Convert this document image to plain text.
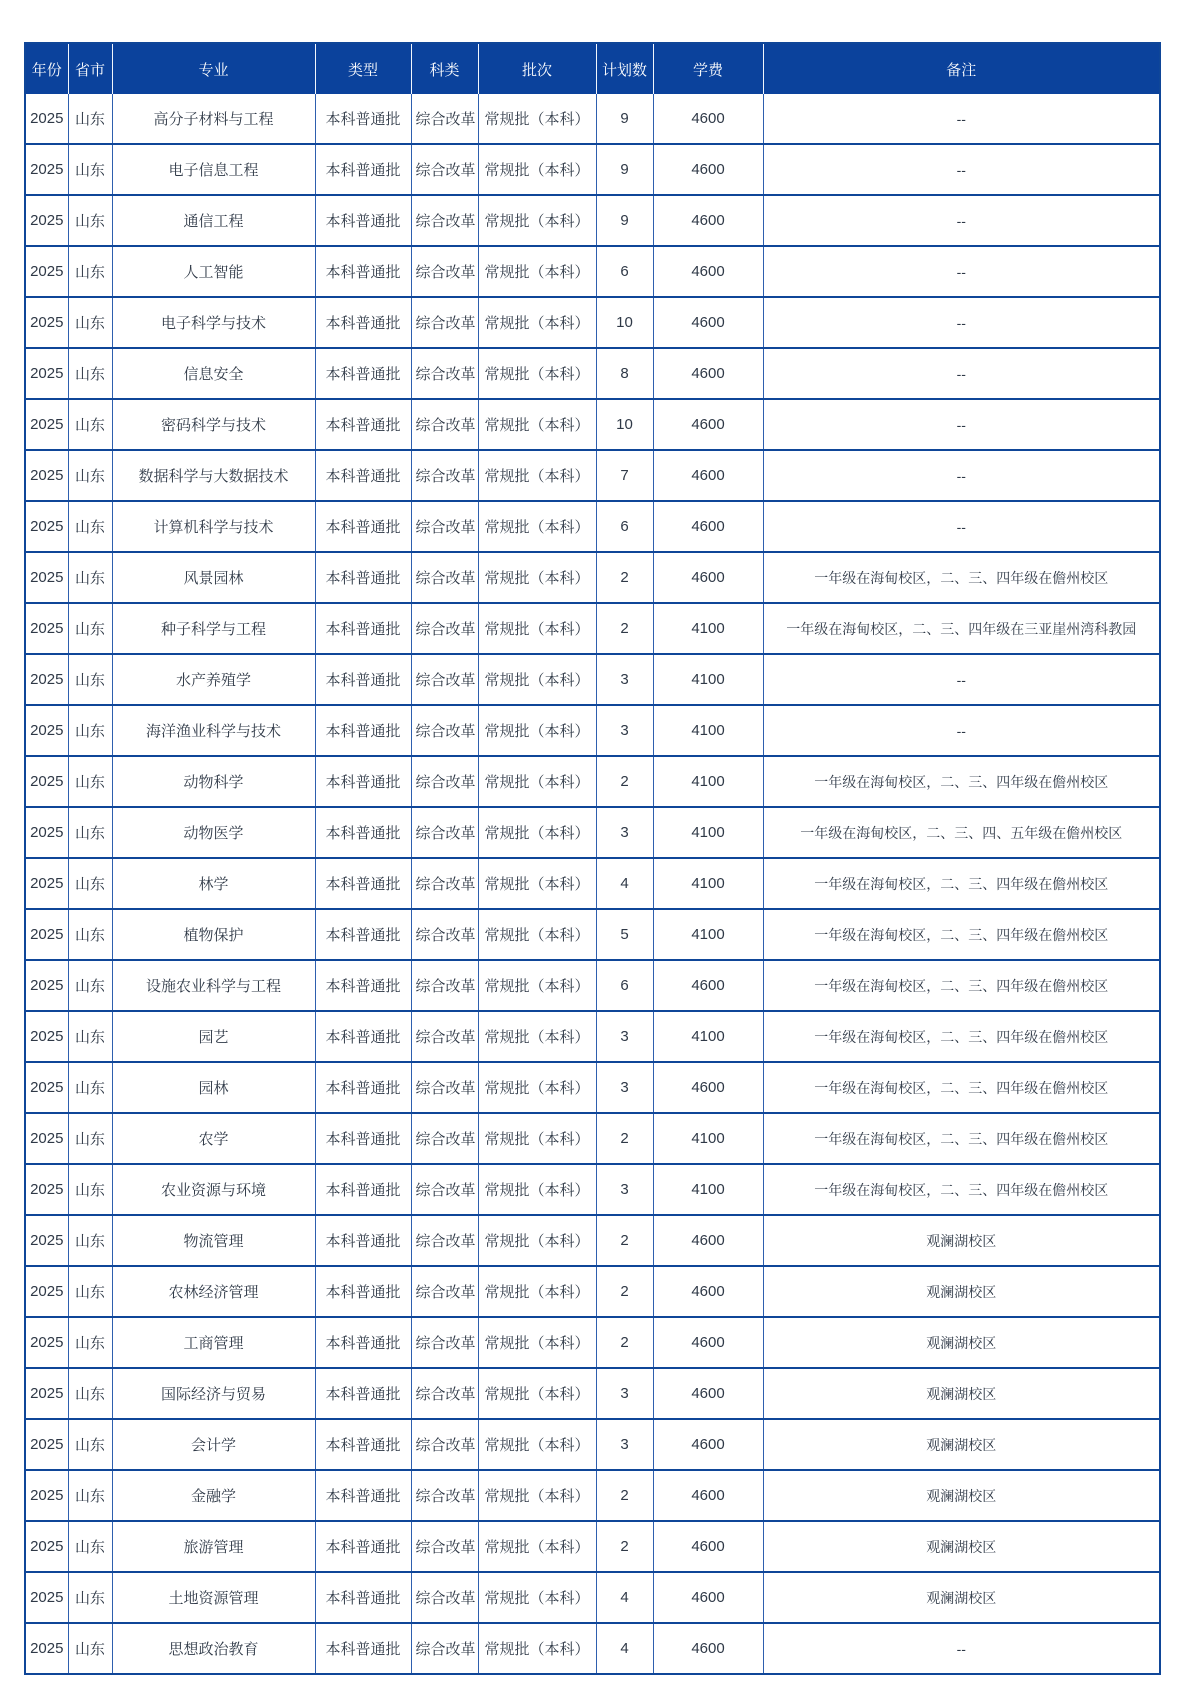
年份	省市	专业	类型	科类	批次	计划数	学费	备注
2025	山东	高分子材料与工程	本科普通批	综合改革	常规批（本科）	9	4600	--
2025	山东	电子信息工程	本科普通批	综合改革	常规批（本科）	9	4600	--
2025	山东	通信工程	本科普通批	综合改革	常规批（本科）	9	4600	--
2025	山东	人工智能	本科普通批	综合改革	常规批（本科）	6	4600	--
2025	山东	电子科学与技术	本科普通批	综合改革	常规批（本科）	10	4600	--
2025	山东	信息安全	本科普通批	综合改革	常规批（本科）	8	4600	--
2025	山东	密码科学与技术	本科普通批	综合改革	常规批（本科）	10	4600	--
2025	山东	数据科学与大数据技术	本科普通批	综合改革	常规批（本科）	7	4600	--
2025	山东	计算机科学与技术	本科普通批	综合改革	常规批（本科）	6	4600	--
2025	山东	风景园林	本科普通批	综合改革	常规批（本科）	2	4600	一年级在海甸校区，二、三、四年级在儋州校区
2025	山东	种子科学与工程	本科普通批	综合改革	常规批（本科）	2	4100	一年级在海甸校区，二、三、四年级在三亚崖州湾科教园
2025	山东	水产养殖学	本科普通批	综合改革	常规批（本科）	3	4100	--
2025	山东	海洋渔业科学与技术	本科普通批	综合改革	常规批（本科）	3	4100	--
2025	山东	动物科学	本科普通批	综合改革	常规批（本科）	2	4100	一年级在海甸校区，二、三、四年级在儋州校区
2025	山东	动物医学	本科普通批	综合改革	常规批（本科）	3	4100	一年级在海甸校区，二、三、四、五年级在儋州校区
2025	山东	林学	本科普通批	综合改革	常规批（本科）	4	4100	一年级在海甸校区，二、三、四年级在儋州校区
2025	山东	植物保护	本科普通批	综合改革	常规批（本科）	5	4100	一年级在海甸校区，二、三、四年级在儋州校区
2025	山东	设施农业科学与工程	本科普通批	综合改革	常规批（本科）	6	4600	一年级在海甸校区，二、三、四年级在儋州校区
2025	山东	园艺	本科普通批	综合改革	常规批（本科）	3	4100	一年级在海甸校区，二、三、四年级在儋州校区
2025	山东	园林	本科普通批	综合改革	常规批（本科）	3	4600	一年级在海甸校区，二、三、四年级在儋州校区
2025	山东	农学	本科普通批	综合改革	常规批（本科）	2	4100	一年级在海甸校区，二、三、四年级在儋州校区
2025	山东	农业资源与环境	本科普通批	综合改革	常规批（本科）	3	4100	一年级在海甸校区，二、三、四年级在儋州校区
2025	山东	物流管理	本科普通批	综合改革	常规批（本科）	2	4600	观澜湖校区
2025	山东	农林经济管理	本科普通批	综合改革	常规批（本科）	2	4600	观澜湖校区
2025	山东	工商管理	本科普通批	综合改革	常规批（本科）	2	4600	观澜湖校区
2025	山东	国际经济与贸易	本科普通批	综合改革	常规批（本科）	3	4600	观澜湖校区
2025	山东	会计学	本科普通批	综合改革	常规批（本科）	3	4600	观澜湖校区
2025	山东	金融学	本科普通批	综合改革	常规批（本科）	2	4600	观澜湖校区
2025	山东	旅游管理	本科普通批	综合改革	常规批（本科）	2	4600	观澜湖校区
2025	山东	土地资源管理	本科普通批	综合改革	常规批（本科）	4	4600	观澜湖校区
2025	山东	思想政治教育	本科普通批	综合改革	常规批（本科）	4	4600	--
